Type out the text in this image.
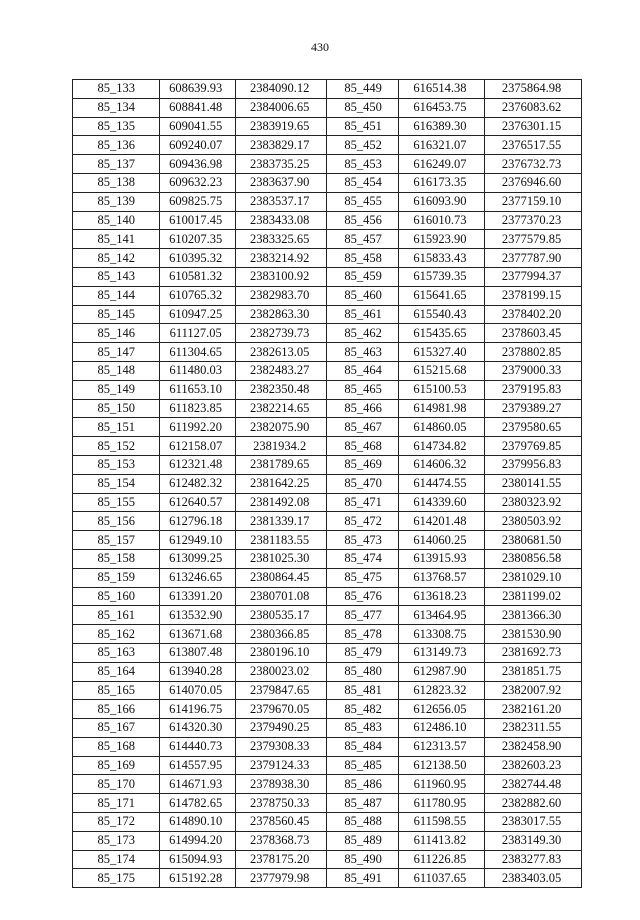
430
85_133	608639.93	2384090.12	85_449	616514.38	2375864.98
85_134	608841.48	2384006.65	85_450	616453.75	2376083.62
85_135	609041.55	2383919.65	85_451	616389.30	2376301.15
85_136	609240.07	2383829.17	85_452	616321.07	2376517.55
85_137	609436.98	2383735.25	85_453	616249.07	2376732.73
85_138	609632.23	2383637.90	85_454	616173.35	2376946.60
85_139	609825.75	2383537.17	85_455	616093.90	2377159.10
85_140	610017.45	2383433.08	85_456	616010.73	2377370.23
85_141	610207.35	2383325.65	85_457	615923.90	2377579.85
85_142	610395.32	2383214.92	85_458	615833.43	2377787.90
85_143	610581.32	2383100.92	85_459	615739.35	2377994.37
85_144	610765.32	2382983.70	85_460	615641.65	2378199.15
85_145	610947.25	2382863.30	85_461	615540.43	2378402.20
85_146	611127.05	2382739.73	85_462	615435.65	2378603.45
85_147	611304.65	2382613.05	85_463	615327.40	2378802.85
85_148	611480.03	2382483.27	85_464	615215.68	2379000.33
85_149	611653.10	2382350.48	85_465	615100.53	2379195.83
85_150	611823.85	2382214.65	85_466	614981.98	2379389.27
85_151	611992.20	2382075.90	85_467	614860.05	2379580.65
85_152	612158.07	2381934.2	85_468	614734.82	2379769.85
85_153	612321.48	2381789.65	85_469	614606.32	2379956.83
85_154	612482.32	2381642.25	85_470	614474.55	2380141.55
85_155	612640.57	2381492.08	85_471	614339.60	2380323.92
85_156	612796.18	2381339.17	85_472	614201.48	2380503.92
85_157	612949.10	2381183.55	85_473	614060.25	2380681.50
85_158	613099.25	2381025.30	85_474	613915.93	2380856.58
85_159	613246.65	2380864.45	85_475	613768.57	2381029.10
85_160	613391.20	2380701.08	85_476	613618.23	2381199.02
85_161	613532.90	2380535.17	85_477	613464.95	2381366.30
85_162	613671.68	2380366.85	85_478	613308.75	2381530.90
85_163	613807.48	2380196.10	85_479	613149.73	2381692.73
85_164	613940.28	2380023.02	85_480	612987.90	2381851.75
85_165	614070.05	2379847.65	85_481	612823.32	2382007.92
85_166	614196.75	2379670.05	85_482	612656.05	2382161.20
85_167	614320.30	2379490.25	85_483	612486.10	2382311.55
85_168	614440.73	2379308.33	85_484	612313.57	2382458.90
85_169	614557.95	2379124.33	85_485	612138.50	2382603.23
85_170	614671.93	2378938.30	85_486	611960.95	2382744.48
85_171	614782.65	2378750.33	85_487	611780.95	2382882.60
85_172	614890.10	2378560.45	85_488	611598.55	2383017.55
85_173	614994.20	2378368.73	85_489	611413.82	2383149.30
85_174	615094.93	2378175.20	85_490	611226.85	2383277.83
85_175	615192.28	2377979.98	85_491	611037.65	2383403.05
